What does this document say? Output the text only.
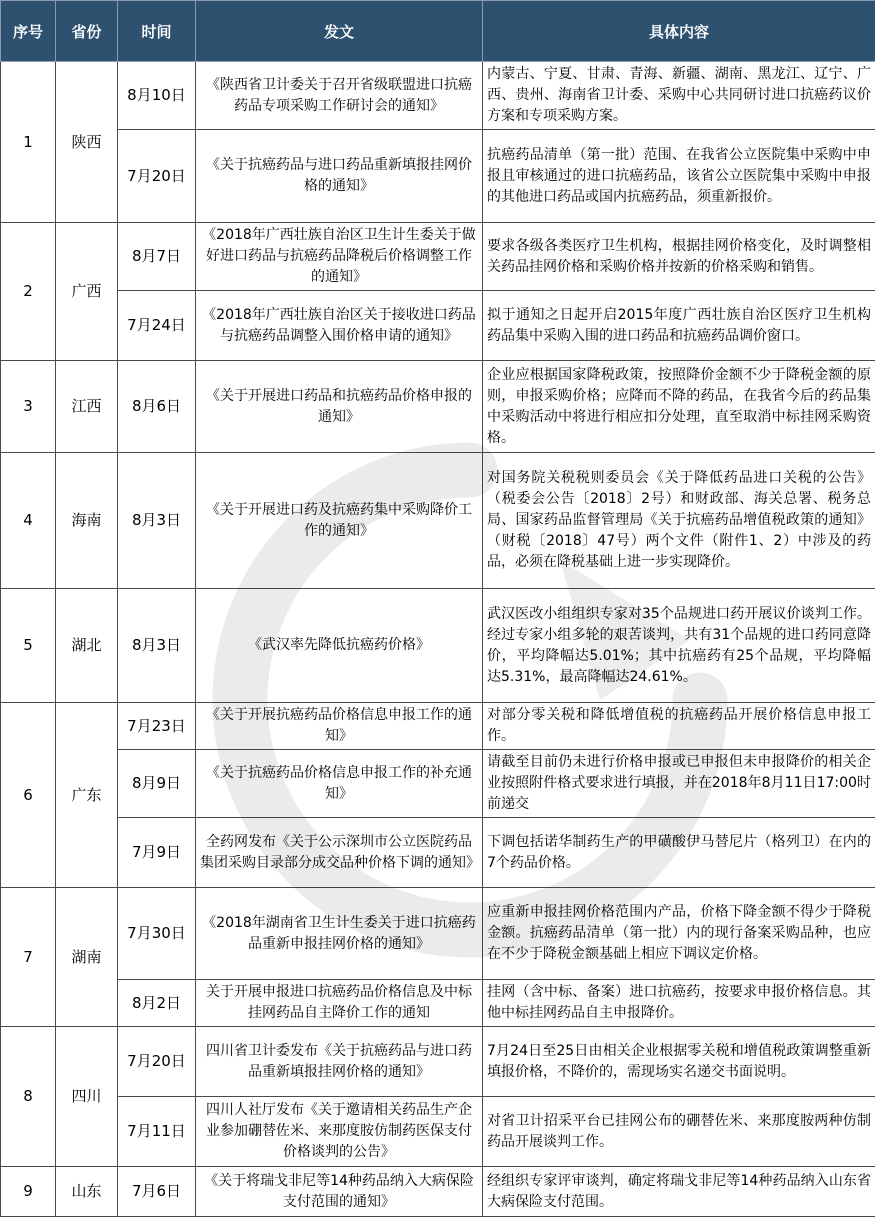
序号	省份	时间	发文	具体内容
1	陕西	8月10日	《陕西省卫计委关于召开省级联盟进口抗癌药品专项采购工作研讨会的通知》	内蒙古、宁夏、甘肃、青海、新疆、湖南、黑龙江、辽宁、广西、贵州、海南省卫计委、采购中心共同研讨进口抗癌药议价方案和专项采购方案。
		7月20日	《关于抗癌药品与进口药品重新填报挂网价格的通知》	抗癌药品清单（第一批）范围、在我省公立医院集中采购中申报且审核通过的进口抗癌药品，该省公立医院集中采购中申报的其他进口药品或国内抗癌药品，须重新报价。
2	广西	8月7日	《2018年广西壮族自治区卫生计生委关于做好进口药品与抗癌药品降税后价格调整工作的通知》	要求各级各类医疗卫生机构，根据挂网价格变化，及时调整相关药品挂网价格和采购价格并按新的价格采购和销售。
		7月24日	《2018年广西壮族自治区关于接收进口药品与抗癌药品调整入围价格申请的通知》	拟于通知之日起开启2015年度广西壮族自治区医疗卫生机构药品集中采购入围的进口药品和抗癌药品调价窗口。
3	江西	8月6日	《关于开展进口药品和抗癌药品价格申报的通知》	企业应根据国家降税政策，按照降价金额不少于降税金额的原则，申报采购价格；应降而不降的药品，在我省今后的药品集中采购活动中将进行相应扣分处理，直至取消中标挂网采购资格。
4	海南	8月3日	《关于开展进口药及抗癌药集中采购降价工作的通知》	对国务院关税税则委员会《关于降低药品进口关税的公告》（税委会公告〔2018〕2号）和财政部、海关总署、税务总局、国家药品监督管理局《关于抗癌药品增值税政策的通知》（财税〔2018〕47号）两个文件（附件1、2）中涉及的药品，必须在降税基础上进一步实现降价。
5	湖北	8月3日	《武汉率先降低抗癌药价格》	武汉医改小组组织专家对35个品规进口药开展议价谈判工作。经过专家小组多轮的艰苦谈判，共有31个品规的进口药同意降价，平均降幅达5.01%；其中抗癌药有25个品规，平均降幅达5.31%，最高降幅达24.61%。
6	广东	7月23日	《关于开展抗癌药品价格信息申报工作的通知》	对部分零关税和降低增值税的抗癌药品开展价格信息申报工作。
		8月9日	《关于抗癌药品价格信息申报工作的补充通知》	请截至目前仍未进行价格申报或已申报但未申报降价的相关企业按照附件格式要求进行填报，并在2018年8月11日17:00时前递交
		7月9日	全药网发布《关于公示深圳市公立医院药品集团采购目录部分成交品种价格下调的通知》	下调包括诺华制药生产的甲磺酸伊马替尼片（格列卫）在内的7个药品价格。
7	湖南	7月30日	《2018年湖南省卫生计生委关于进口抗癌药品重新申报挂网价格的通知》	应重新申报挂网价格范围内产品，价格下降金额不得少于降税金额。抗癌药品清单（第一批）内的现行备案采购品种，也应在不少于降税金额基础上相应下调议定价格。
		8月2日	关于开展申报进口抗癌药品价格信息及中标挂网药品自主降价工作的通知	挂网（含中标、备案）进口抗癌药，按要求申报价格信息。其他中标挂网药品自主申报降价。
8	四川	7月20日	四川省卫计委发布《关于抗癌药品与进口药品重新填报挂网价格的通知》	7月24日至25日由相关企业根据零关税和增值税政策调整重新填报价格，不降价的，需现场实名递交书面说明。
		7月11日	四川人社厅发布《关于邀请相关药品生产企业参加硼替佐米、来那度胺仿制药医保支付价格谈判的公告》	对省卫计招采平台已挂网公布的硼替佐米、来那度胺两种仿制药品开展谈判工作。
9	山东	7月6日	《关于将瑞戈非尼等14种药品纳入大病保险支付范围的通知》	经组织专家评审谈判，确定将瑞戈非尼等14种药品纳入山东省大病保险支付范围。
